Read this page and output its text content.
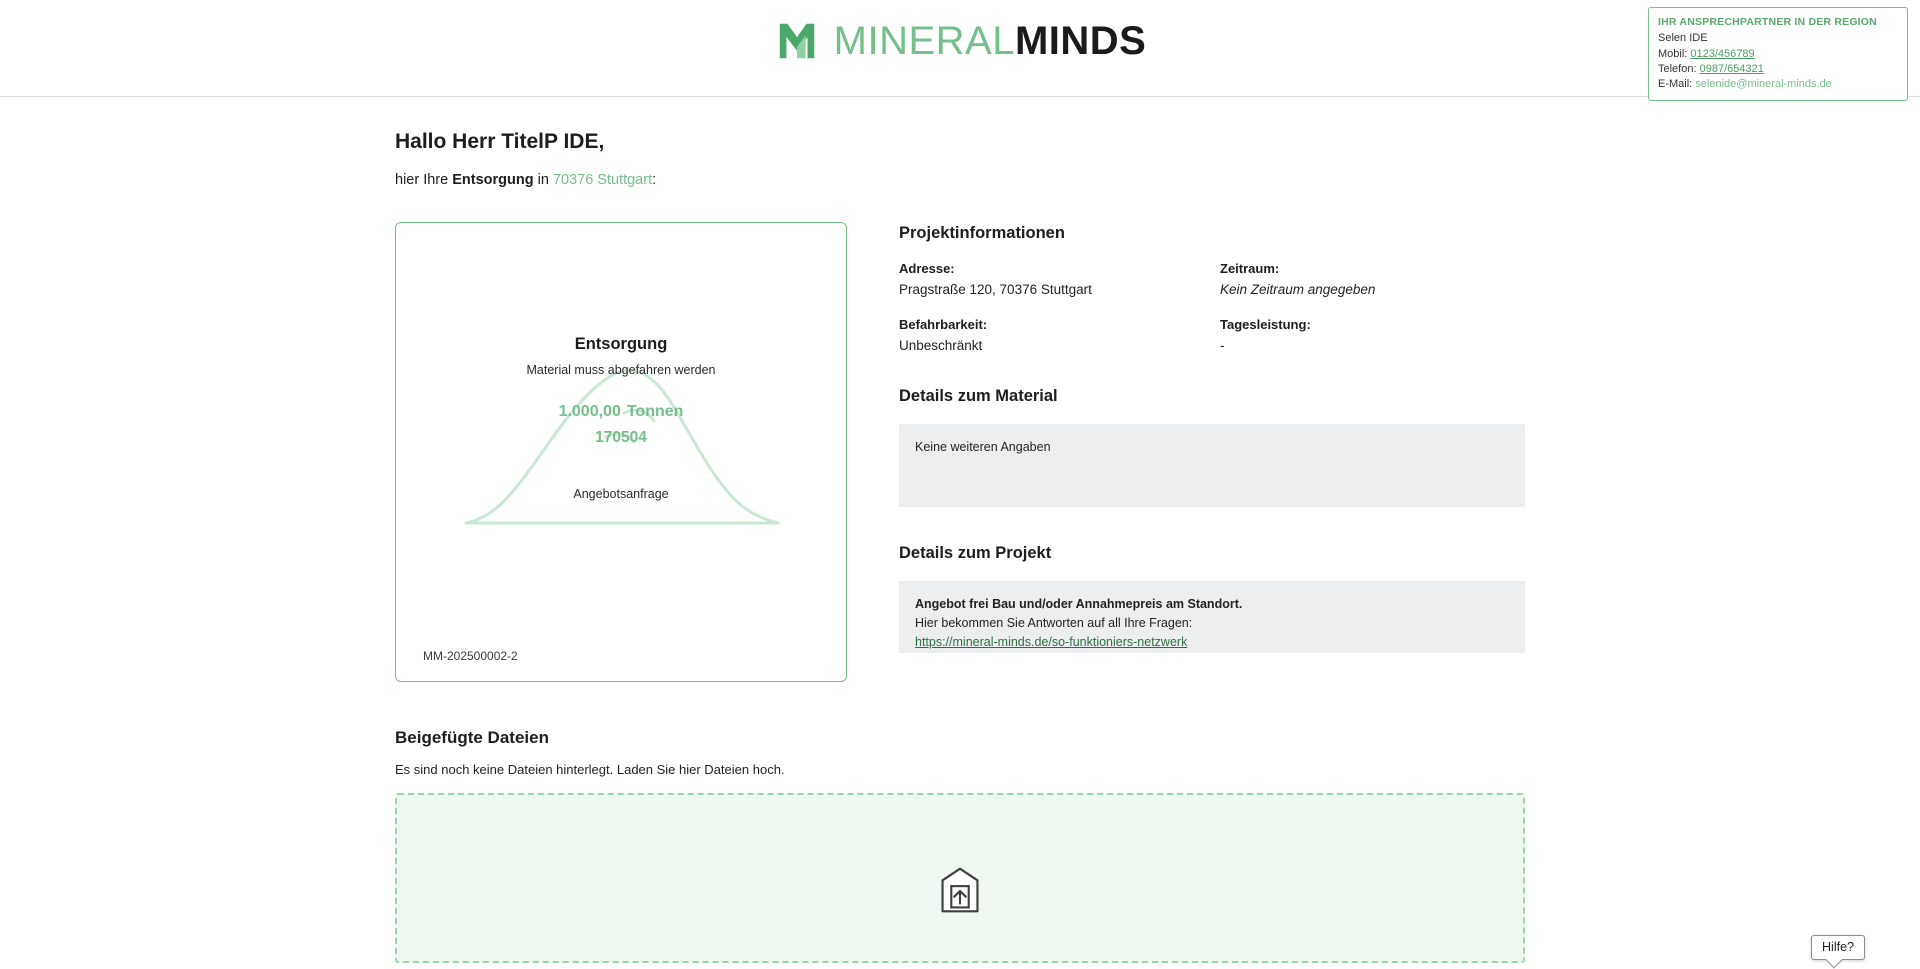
MINERALMINDS	IHR ANSPRECHPARTNER IN DER REGION
Selen IDE
Mobil: 0123/456789
Telefon: 0987/654321
E-Mail: selenide@mineral-minds.de
Hallo Herr TitelP IDE,

hier Ihre Entsorgung in 70376 Stuttgart:

Entsorgung
Material muss abgefahren werden
1.000,00 Tonnen
170504
Angebotsanfrage
MM-202500002-2
Projektinformationen
Adresse:
Pragstraße 120, 70376 Stuttgart
Zeitraum:
Kein Zeitraum angegeben
Befahrbarkeit:
Unbeschränkt
Tagesleistung:
-
Details zum Material
Keine weiteren Angaben
Details zum Projekt
Angebot frei Bau und/oder Annahmepreis am Standort.
Hier bekommen Sie Antworten auf all Ihre Fragen:
https://mineral-minds.de/so-funktioniers-netzwerk
Beigefügte Dateien

Es sind noch keine Dateien hinterlegt. Laden Sie hier Dateien hoch.

Hilfe?
